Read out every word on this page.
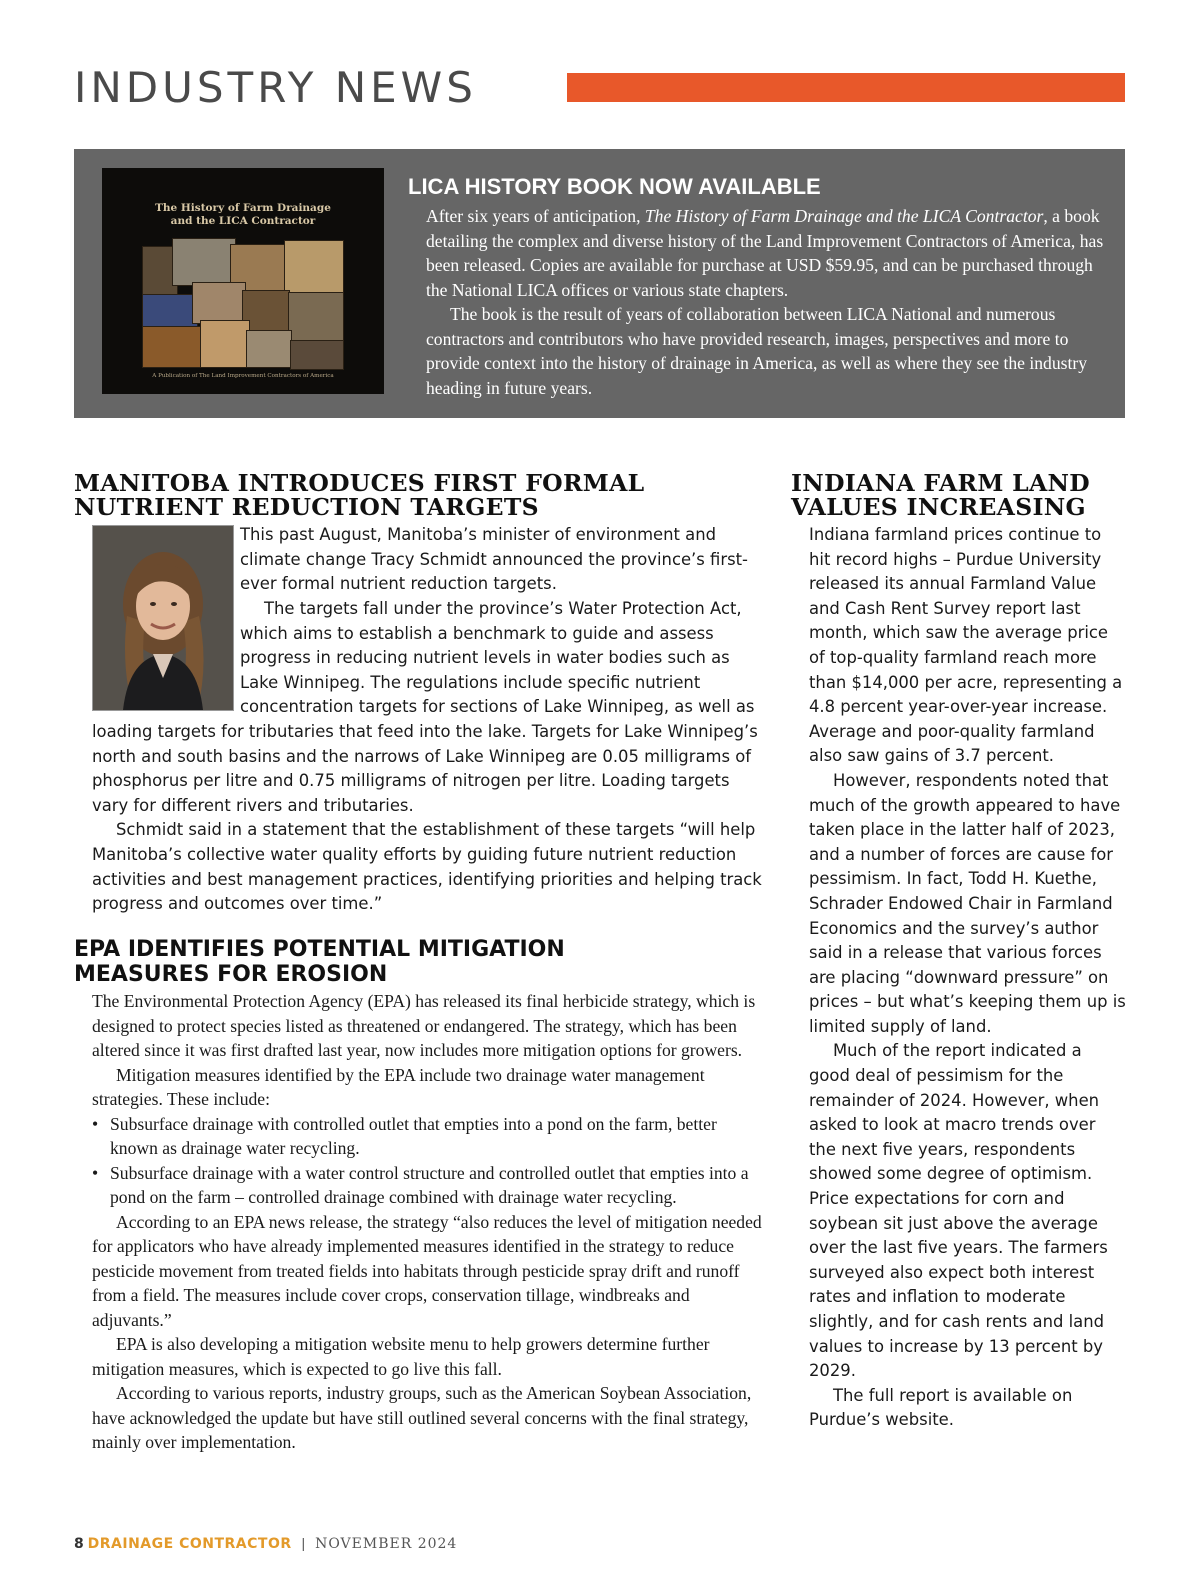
INDUSTRY NEWS
The History of Farm Drainage
and the LICA Contractor
A Publication of The Land Improvement Contractors of America
LICA HISTORY BOOK NOW AVAILABLE

After six years of anticipation, The History of Farm Drainage and the LICA Contractor, a book detailing the complex and diverse history of the Land Improvement Contractors of America, has been released. Copies are available for purchase at USD $59.95, and can be purchased through the National LICA offices or various state chapters.

The book is the result of years of collaboration between LICA National and numerous contractors and contributors who have provided research, images, perspectives and more to provide context into the history of drainage in America, as well as where they see the industry heading in future years.

MANITOBA INTRODUCES FIRST FORMAL
NUTRIENT REDUCTION TARGETS

This past August, Manitoba’s minister of environment and climate change Tracy Schmidt announced the province’s first-ever formal nutrient reduction targets.

The targets fall under the province’s Water Protection Act, which aims to establish a benchmark to guide and assess progress in reducing nutrient levels in water bodies such as Lake Winnipeg. The regulations include specific nutrient concentration targets for sections of Lake Winnipeg, as well as loading targets for tributaries that feed into the lake. Targets for Lake Winnipeg’s north and south basins and the narrows of Lake Winnipeg are 0.05 milligrams of phosphorus per litre and 0.75 milligrams of nitrogen per litre. Loading targets vary for different rivers and tributaries.

Schmidt said in a statement that the establishment of these targets “will help Manitoba’s collective water quality efforts by guiding future nutrient reduction activities and best management practices, identifying priorities and helping track progress and outcomes over time.”

EPA IDENTIFIES POTENTIAL MITIGATION
MEASURES FOR EROSION

The Environmental Protection Agency (EPA) has released its final herbicide strategy, which is designed to protect species listed as threatened or endangered. The strategy, which has been altered since it was first drafted last year, now includes more mitigation options for growers.

Mitigation measures identified by the EPA include two drainage water management strategies. These include:

• Subsurface drainage with controlled outlet that empties into a pond on the farm, better known as drainage water recycling.
• Subsurface drainage with a water control structure and controlled outlet that empties into a pond on the farm – controlled drainage combined with drainage water recycling.

According to an EPA news release, the strategy “also reduces the level of mitigation needed for applicators who have already implemented measures identified in the strategy to reduce pesticide movement from treated fields into habitats through pesticide spray drift and runoff from a field. The measures include cover crops, conservation tillage, windbreaks and adjuvants.”

EPA is also developing a mitigation website menu to help growers determine further mitigation measures, which is expected to go live this fall.

According to various reports, industry groups, such as the American Soybean Association, have acknowledged the update but have still outlined several concerns with the final strategy, mainly over implementation.

INDIANA FARM LAND
VALUES INCREASING

Indiana farmland prices continue to hit record highs – Purdue University released its annual Farmland Value and Cash Rent Survey report last month, which saw the average price of top-quality farmland reach more than $14,000 per acre, representing a 4.8 percent year-over-year increase. Average and poor-quality farmland also saw gains of 3.7 percent.

However, respondents noted that much of the growth appeared to have taken place in the latter half of 2023, and a number of forces are cause for pessimism. In fact, Todd H. Kuethe, Schrader Endowed Chair in Farmland Economics and the survey’s author said in a release that various forces are placing “downward pressure” on prices – but what’s keeping them up is limited supply of land.

Much of the report indicated a good deal of pessimism for the remainder of 2024. However, when asked to look at macro trends over the next five years, respondents showed some degree of optimism. Price expectations for corn and soybean sit just above the average over the last five years. The farmers surveyed also expect both interest rates and inflation to moderate slightly, and for cash rents and land values to increase by 13 percent by 2029.

The full report is available on Purdue’s website.

8 DRAINAGE CONTRACTOR | NOVEMBER 2024
